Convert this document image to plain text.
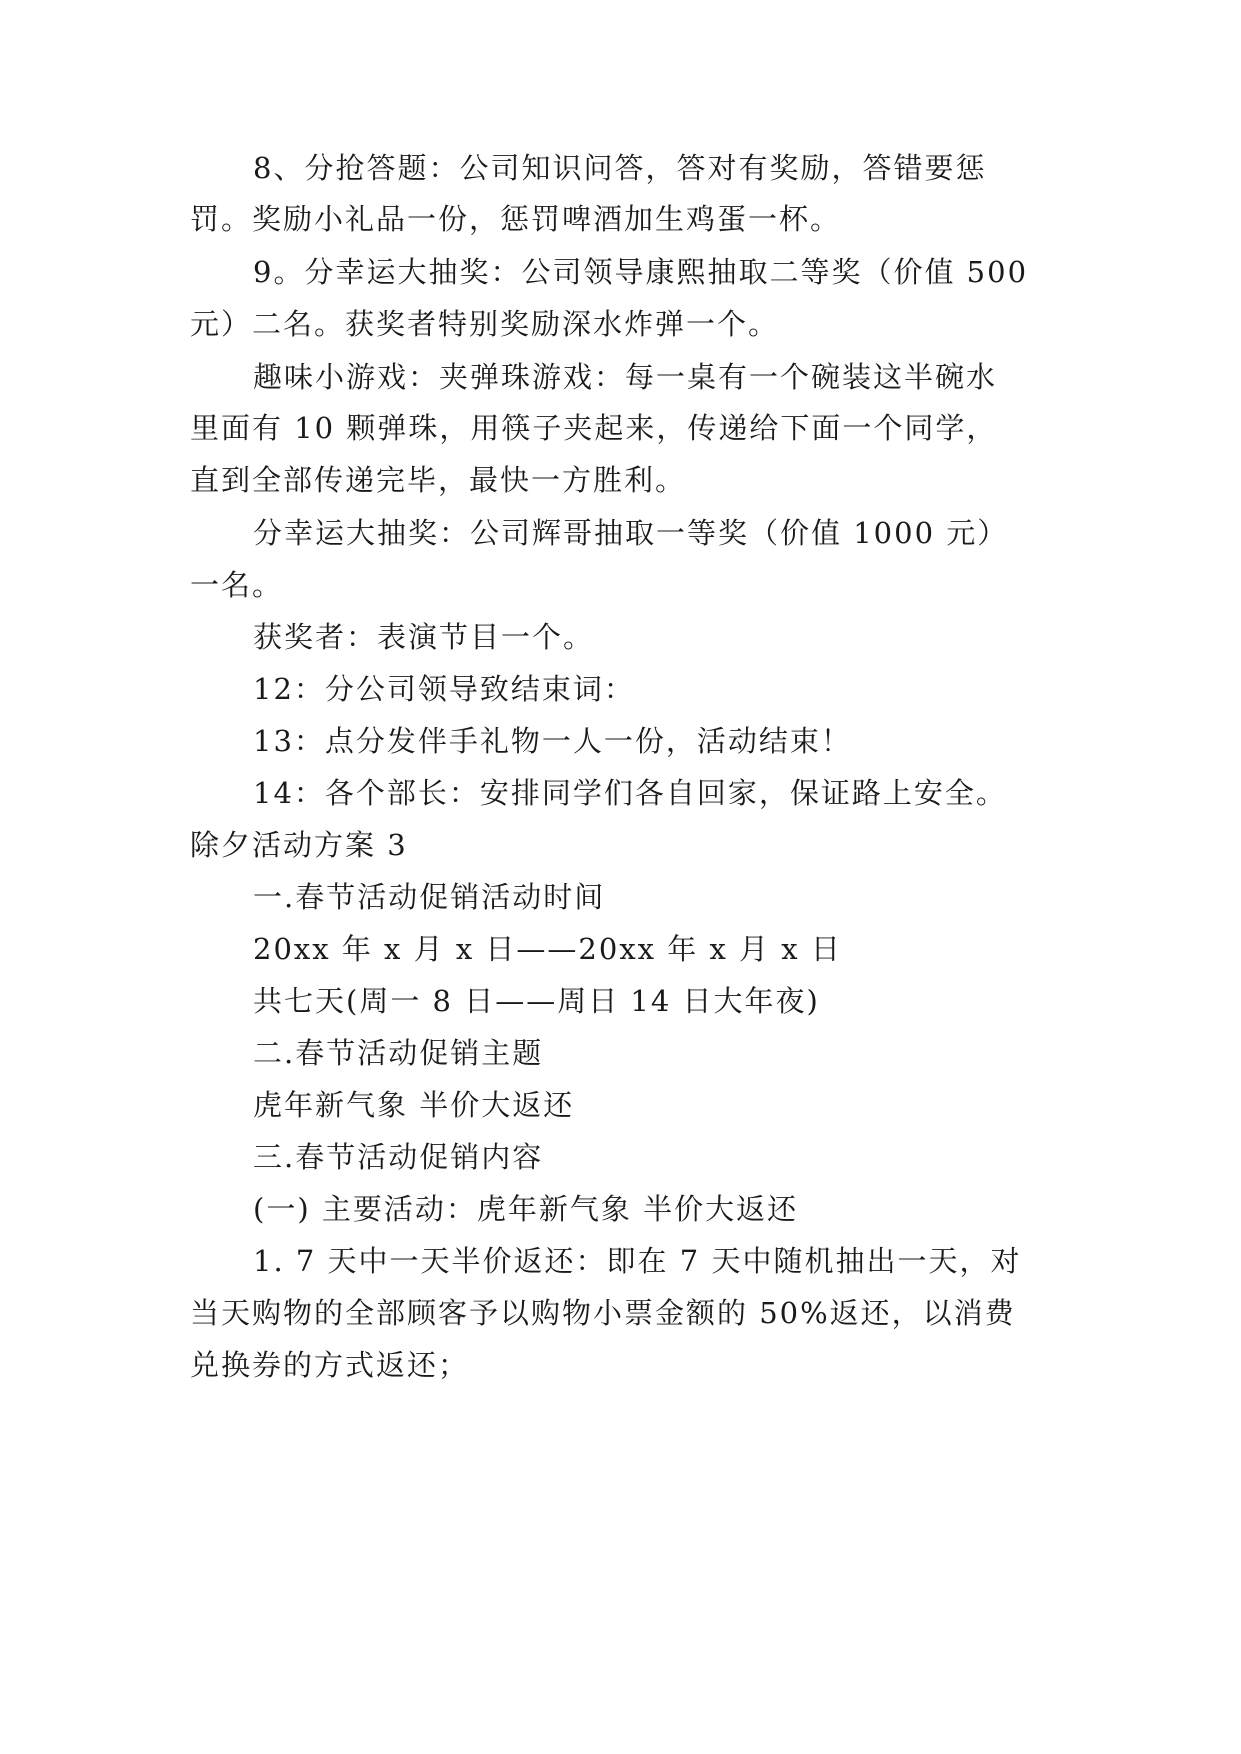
8、分抢答题：公司知识问答，答对有奖励，答错要惩
罚。奖励小礼品一份，惩罚啤酒加生鸡蛋一杯。
9。分幸运大抽奖：公司领导康熙抽取二等奖（价值 500
元）二名。获奖者特别奖励深水炸弹一个。
趣味小游戏：夹弹珠游戏：每一桌有一个碗装这半碗水
里面有 10 颗弹珠，用筷子夹起来，传递给下面一个同学，
直到全部传递完毕，最快一方胜利。
分幸运大抽奖：公司辉哥抽取一等奖（价值 1000 元）
一名。
获奖者：表演节目一个。
12：分公司领导致结束词：
13：点分发伴手礼物一人一份，活动结束！
14：各个部长：安排同学们各自回家，保证路上安全。
除夕活动方案 3
一.春节活动促销活动时间
20xx 年 x 月 x 日——20xx 年 x 月 x 日
共七天(周一 8 日——周日 14 日大年夜)
二.春节活动促销主题
虎年新气象 半价大返还
三.春节活动促销内容
(一) 主要活动：虎年新气象 半价大返还
1. 7 天中一天半价返还：即在 7 天中随机抽出一天，对
当天购物的全部顾客予以购物小票金额的 50%返还，以消费
兑换券的方式返还；
